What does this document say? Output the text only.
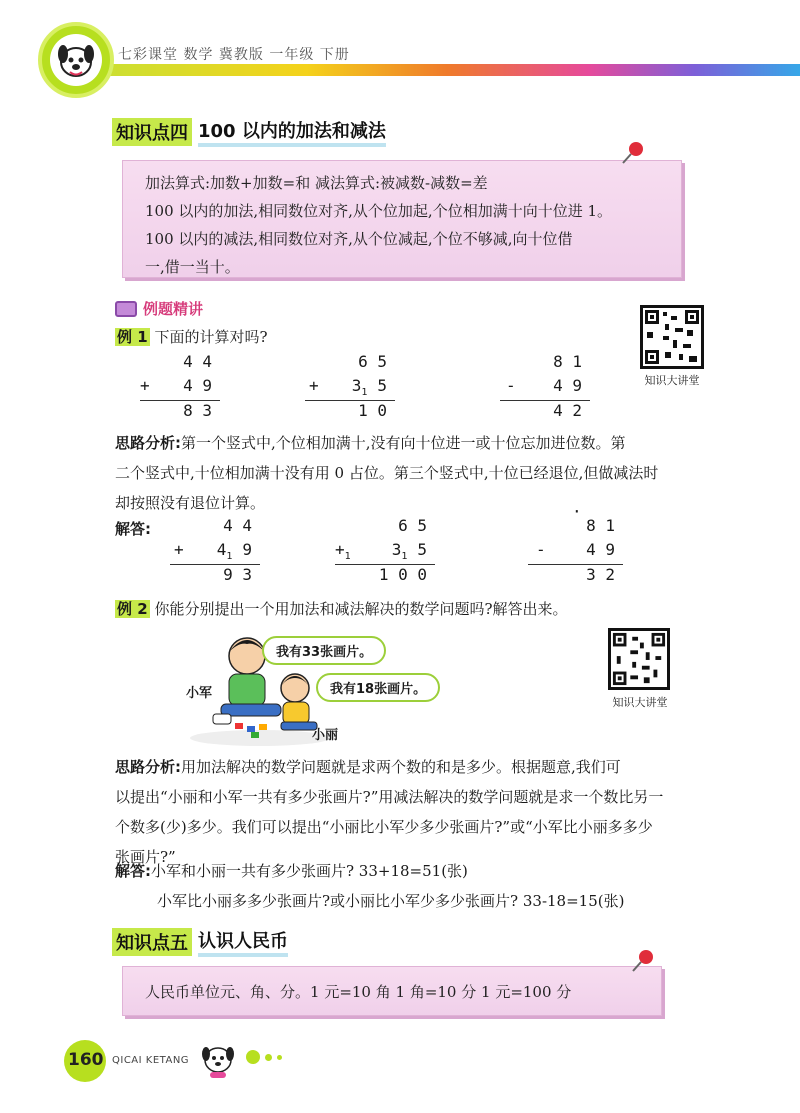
七彩课堂 数学 冀教版 一年级 下册
知识点四 100 以内的加法和减法
加法算式:加数+加数=和 减法算式:被减数-减数=差
100 以内的加法,相同数位对齐,从个位加起,个位相加满十向十位进 1。
100 以内的减法,相同数位对齐,从个位减起,个位不够减,向十位借
一,借一当十。
例题精讲
例 1 下面的计算对吗?
知识大讲堂
4 4
+ 4 9
8 3
6 5
+ $3_1$ 5
1 0
8 1
- 4 9
4 2
思路分析:第一个竖式中,个位相加满十,没有向十位进一或十位忘加进位数。第
二个竖式中,十位相加满十没有用 0 占位。第三个竖式中,十位已经退位,但做减法时
却按照没有退位计算。
解答:	4 4
+ $4_1$ 9
9 3
6 5
$+_1$	$3_1$ 5
1 0 0
·
8 1
-	4 9
3 2
例 2 你能分别提出一个用加法和减法解决的数学问题吗?解答出来。
我有33张画片。
我有18张画片。
小军
小丽
知识大讲堂
思路分析:用加法解决的数学问题就是求两个数的和是多少。根据题意,我们可
以提出“小丽和小军一共有多少张画片?”用减法解决的数学问题就是求一个数比另一
个数多(少)多少。我们可以提出“小丽比小军少多少张画片?”或“小军比小丽多多少
张画片?”
解答:小军和小丽一共有多少张画片? 33+18=51(张)
小军比小丽多多少张画片?或小丽比小军少多少张画片? 33-18=15(张)
知识点五 认识人民币
人民币单位元、角、分。1 元=10 角 1 角=10 分 1 元=100 分
160 QICAI KETANG
